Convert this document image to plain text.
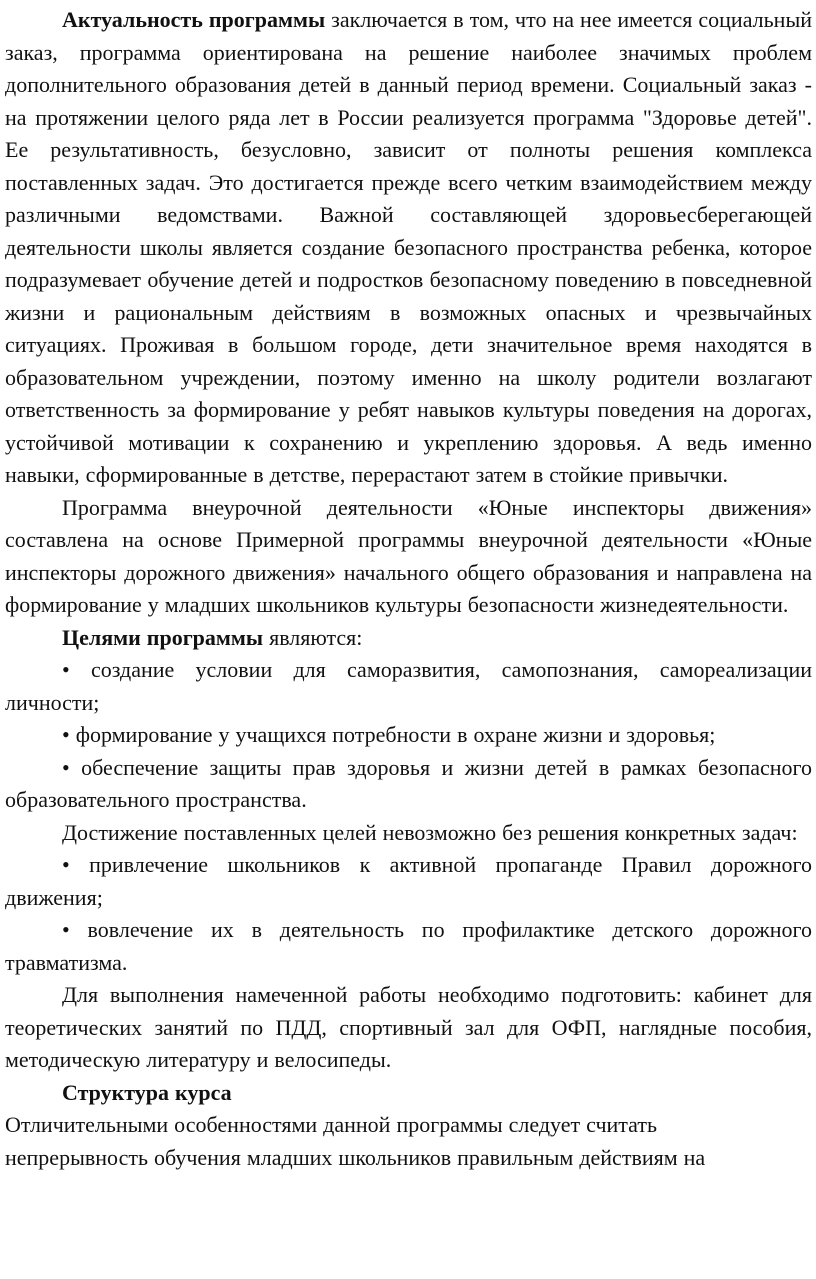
Актуальность программы заключается в том, что на нее имеется социальный заказ, программа ориентирована на решение наиболее значимых проблем дополнительного образования детей в данный период времени. Социальный заказ - на протяжении целого ряда лет в России реализуется программа "Здоровье детей". Ее результативность, безусловно, зависит от полноты решения комплекса поставленных задач. Это достигается прежде всего четким взаимодействием между различными ведомствами. Важной составляющей здоровьесберегающей деятельности школы является создание безопасного пространства ребенка, которое подразумевает обучение детей и подростков безопасному поведению в повседневной жизни и рациональным действиям в возможных опасных и чрезвычайных ситуациях. Проживая в большом городе, дети значительное время находятся в образовательном учреждении, поэтому именно на школу родители возлагают ответственность за формирование у ребят навыков культуры поведения на дорогах, устойчивой мотивации к сохранению и укреплению здоровья. А ведь именно навыки, сформированные в детстве, перерастают затем в стойкие привычки.

Программа внеурочной деятельности «Юные инспекторы движения» составлена на основе Примерной программы внеурочной деятельности «Юные инспекторы дорожного движения» начального общего образования и направлена на формирование у младших школьников культуры безопасности жизнедеятельности.

Целями программы являются:

• создание условии для саморазвития, самопознания, самореализации личности;

• формирование у учащихся потребности в охране жизни и здоровья;

• обеспечение защиты прав здоровья и жизни детей в рамках безопасного образовательного пространства.

Достижение поставленных целей невозможно без решения конкретных задач:

• привлечение школьников к активной пропаганде Правил дорожного движения;

• вовлечение их в деятельность по профилактике детского дорожного травматизма.

Для выполнения намеченной работы необходимо подготовить: кабинет для теоретических занятий по ПДД, спортивный зал для ОФП, наглядные пособия, методическую литературу и велосипеды.

Структура курса

Отличительными особенностями данной программы следует считать

непрерывность обучения младших школьников правильным действиям на
